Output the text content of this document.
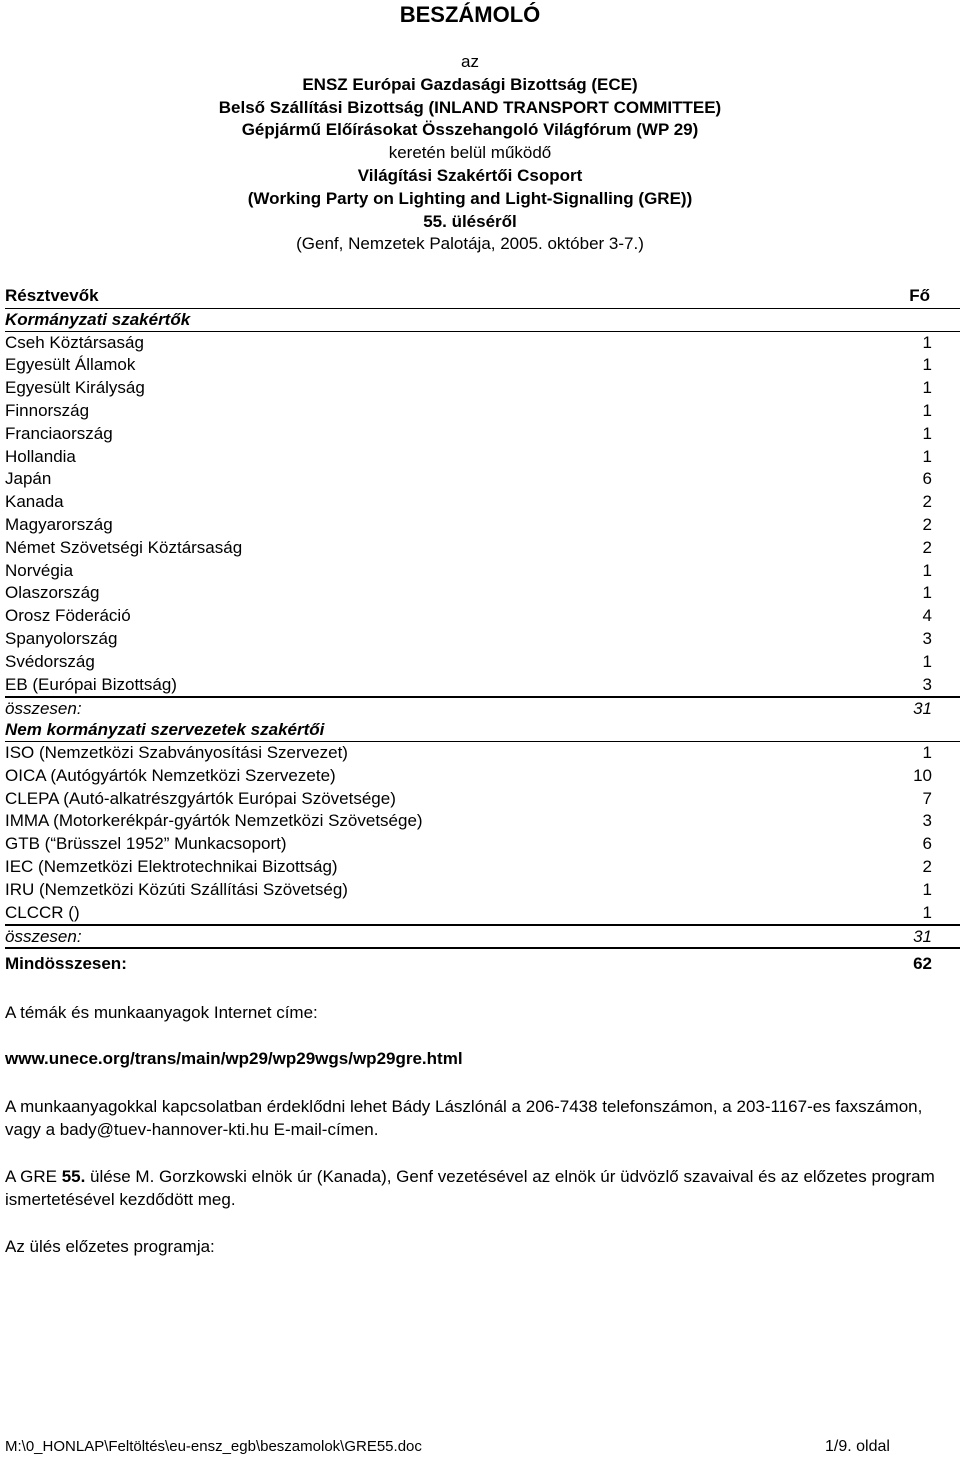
BESZÁMOLÓ
az
ENSZ Európai Gazdasági Bizottság (ECE)
Belső Szállítási Bizottság (INLAND TRANSPORT COMMITTEE)
Gépjármű Előírásokat Összehangoló Világfórum (WP 29)
keretén belül működő
Világítási Szakértői Csoport
(Working Party on Lighting and Light-Signalling (GRE))
55. üléséről
(Genf, Nemzetek Palotája, 2005. október 3-7.)
Résztvevők	Fő
Kormányzati szakértők
Cseh Köztársaság	1
Egyesült Államok	1
Egyesült Királyság	1
Finnország	1
Franciaország	1
Hollandia	1
Japán	6
Kanada	2
Magyarország	2
Német Szövetségi Köztársaság	2
Norvégia	1
Olaszország	1
Orosz Föderáció	4
Spanyolország	3
Svédország	1
EB (Európai Bizottság)	3
összesen:	31
Nem kormányzati szervezetek szakértői
ISO (Nemzetközi Szabványosítási Szervezet)	1
OICA (Autógyártók Nemzetközi Szervezete)	10
CLEPA (Autó-alkatrészgyártók Európai Szövetsége)	7
IMMA (Motorkerékpár-gyártók Nemzetközi Szövetsége)	3
GTB (“Brüsszel 1952” Munkacsoport)	6
IEC (Nemzetközi Elektrotechnikai Bizottság)	2
IRU (Nemzetközi Közúti Szállítási Szövetség)	1
CLCCR ()	1
összesen:	31
Mindösszesen:	62
A témák és munkaanyagok Internet címe:
www.unece.org/trans/main/wp29/wp29wgs/wp29gre.html
A munkaanyagokkal kapcsolatban érdeklődni lehet Bády Lászlónál a 206-7438 telefonszámon, a 203-1167-es faxszámon, vagy a bady@tuev-hannover-kti.hu E-mail-címen.
A GRE 55. ülése M. Gorzkowski elnök úr (Kanada), Genf vezetésével az elnök úr üdvözlő szavaival és az előzetes program ismertetésével kezdődött meg.
Az ülés előzetes programja:
M:\0_HONLAP\Feltöltés\eu-ensz_egb\beszamolok\GRE55.doc	1/9. oldal
